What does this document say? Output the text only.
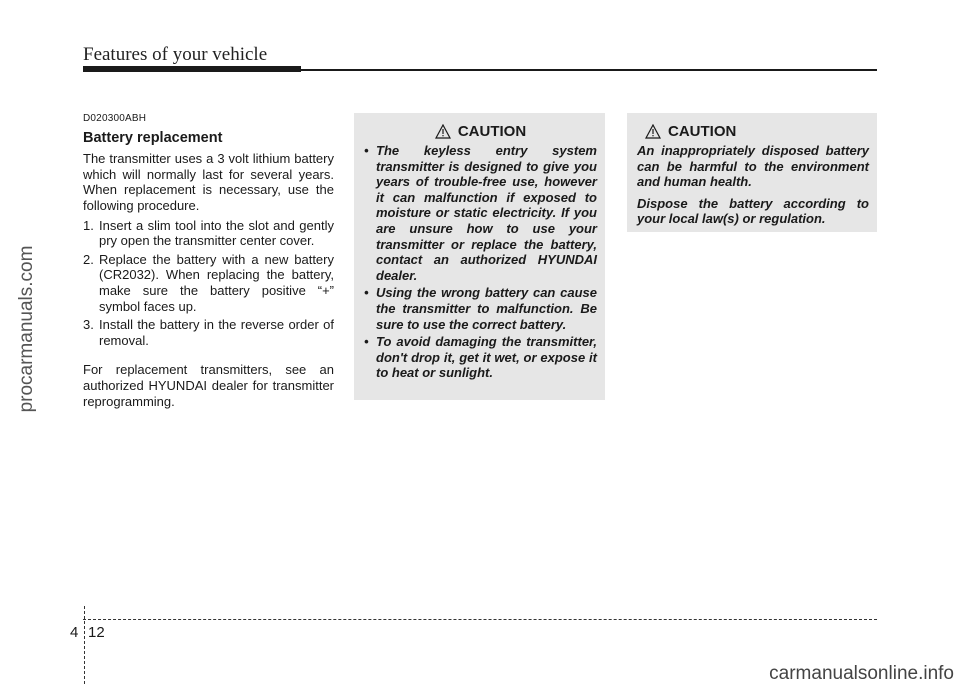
Features of your vehicle
procarmanuals.com
D020300ABH
Battery replacement

The transmitter uses a 3 volt lithium battery which will normally last for several years. When replacement is necessary, use the following procedure.

1. Insert a slim tool into the slot and gently pry open the transmitter center cover.
2. Replace the battery with a new battery (CR2032). When replacing the battery, make sure the battery positive “+” symbol faces up.
3. Install the battery in the reverse order of removal.

For replacement transmitters, see an authorized HYUNDAI dealer for transmitter reprogramming.

CAUTION
• The keyless entry system transmitter is designed to give you years of trouble-free use, however it can malfunction if exposed to moisture or static electricity. If you are unsure how to use your transmitter or replace the battery, contact an authorized HYUNDAI dealer.
• Using the wrong battery can cause the transmitter to malfunction. Be sure to use the correct battery.
• To avoid damaging the transmitter, don't drop it, get it wet, or expose it to heat or sunlight.
CAUTION

An inappropriately disposed battery can be harmful to the environment and human health.

Dispose the battery according to your local law(s) or regulation.

4 12
carmanualsonline.info
